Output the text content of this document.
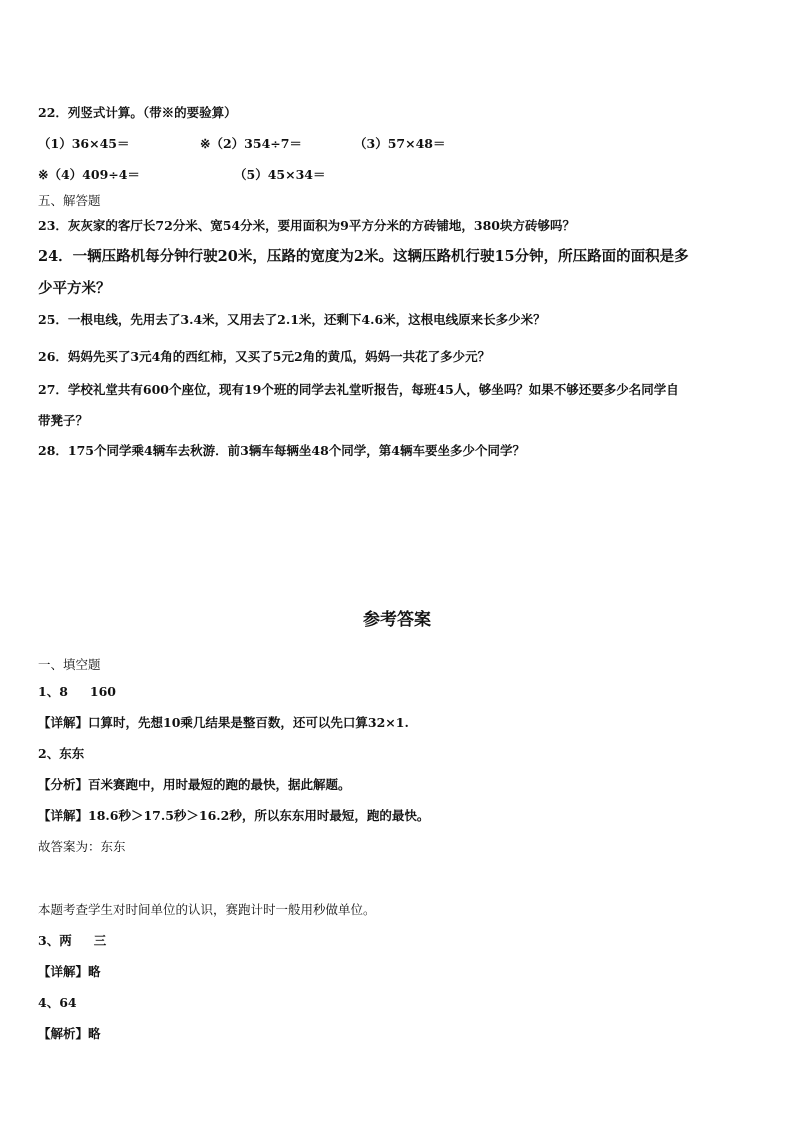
22．列竖式计算。（带※的要验算）
（1）36×45＝	※（2）354÷7＝	（3）57×48＝
※（4）409÷4＝	（5）45×34＝
五、解答题
23．灰灰家的客厅长72分米、宽54分米，要用面积为9平方分米的方砖铺地，380块方砖够吗？
24．一辆压路机每分钟行驶20米，压路的宽度为2米。这辆压路机行驶15分钟，所压路面的面积是多
少平方米？
25．一根电线，先用去了3.4米，又用去了2.1米，还剩下4.6米，这根电线原来长多少米？
26．妈妈先买了3元4角的西红柿，又买了5元2角的黄瓜，妈妈一共花了多少元？
27．学校礼堂共有600个座位，现有19个班的同学去礼堂听报告，每班45人，够坐吗？如果不够还要多少名同学自
带凳子？
28．175个同学乘4辆车去秋游．前3辆车每辆坐48个同学，第4辆车要坐多少个同学？
参考答案
一、填空题
1、8 160
【详解】口算时，先想10乘几结果是整百数，还可以先口算32×1.
2、东东
【分析】百米赛跑中，用时最短的跑的最快，据此解题。
【详解】18.6秒＞17.5秒＞16.2秒，所以东东用时最短，跑的最快。
故答案为：东东
本题考查学生对时间单位的认识，赛跑计时一般用秒做单位。
3、两 三
【详解】略
4、64
【解析】略
